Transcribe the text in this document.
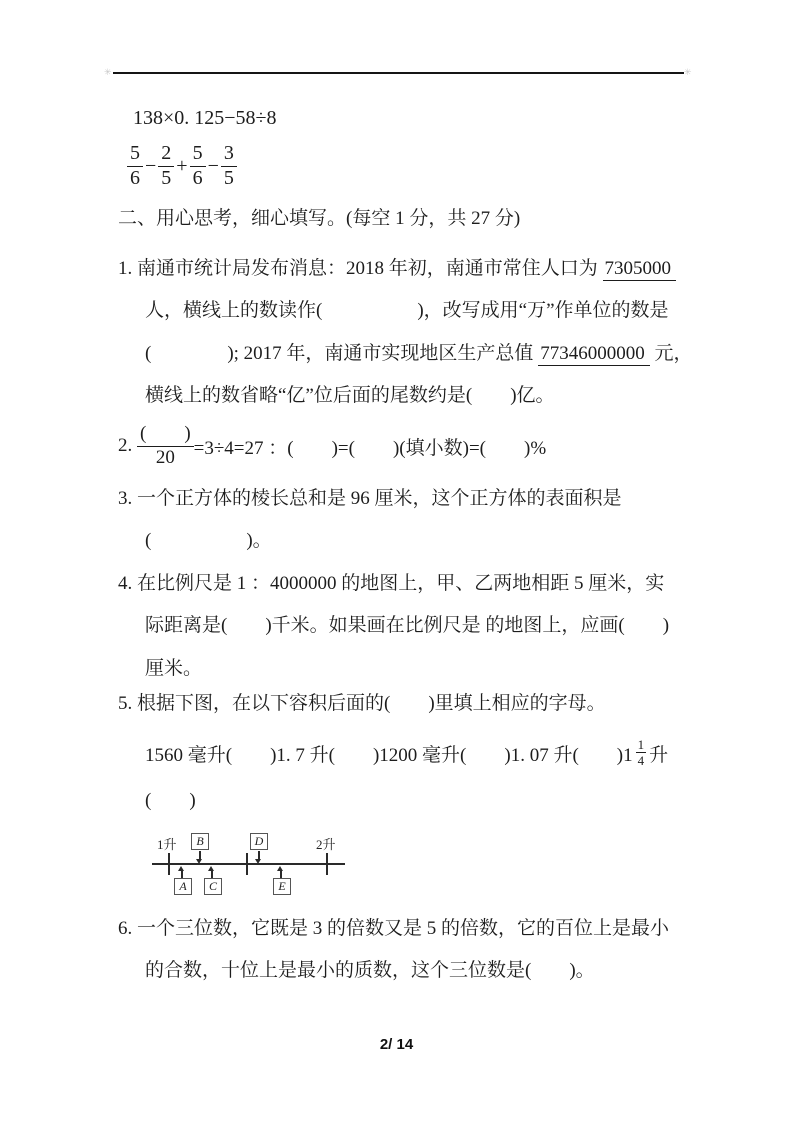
✳	✳
138×0. 125−58÷8
$\frac{5}{6} - \frac{2}{5} + \frac{5}{6} - \frac{3}{5}$
二、用心思考，细心填写。(每空 1 分，共 27 分)
1. 南通市统计局发布消息：2018 年初，南通市常住人口为 7305000
人，横线上的数读作(　　　　　)，改写成用“万”作单位的数是
(　　　　); 2017 年，南通市实现地区生产总值 77346000000 元，
横线上的数省略“亿”位后面的尾数约是(　　)亿。
2.
$\frac{( )}{20} =3\div 4=27$ ：(　　)=(　　)(填小数)=(　　)%
3. 一个正方体的棱长总和是 96 厘米，这个正方体的表面积是
(　　　　　)。
4. 在比例尺是 1 ：4000000 的地图上，甲、乙两地相距 5 厘米，实
际距离是(　　)千米。如果画在比例尺是 的地图上，应画(　　)
厘米。
5. 根据下图，在以下容积后面的(　　)里填上相应的字母。
1560 毫升(　　)1. 7 升(　　)1200 毫升(　　)1. 07 升(　　)$1 \frac{1}{4}$ 升
(　　)
1升	2升
B	D
A	C	E
6. 一个三位数，它既是 3 的倍数又是 5 的倍数，它的百位上是最小
的合数，十位上是最小的质数，这个三位数是(　　)。
2/ 14
